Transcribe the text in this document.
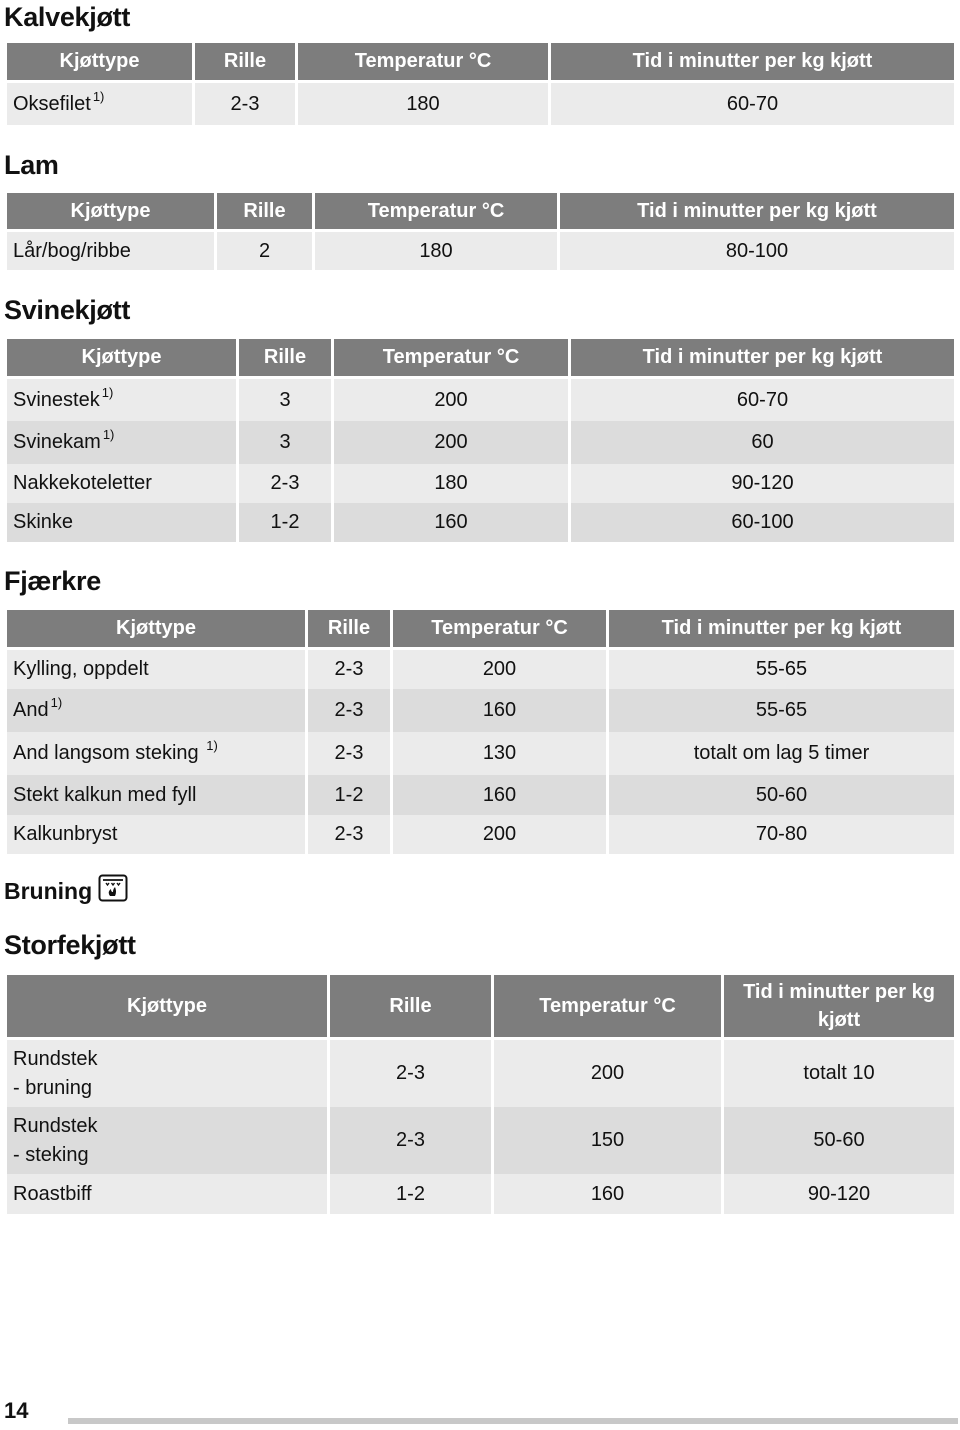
Kalvekjøtt
Kjøttype	Rille	Temperatur °C	Tid i minutter per kg kjøtt
Oksefilet $^{1)}$	2-3	180	60-70
Lam
Kjøttype	Rille	Temperatur °C	Tid i minutter per kg kjøtt
Lår/bog/ribbe	2	180	80-100
Svinekjøtt
Kjøttype	Rille	Temperatur °C	Tid i minutter per kg kjøtt
Svinestek $^{1)}$	3	200	60-70
Svinekam $^{1)}$	3	200	60
Nakkekoteletter	2-3	180	90-120
Skinke	1-2	160	60-100
Fjærkre
Kjøttype	Rille	Temperatur °C	Tid i minutter per kg kjøtt
Kylling, oppdelt	2-3	200	55-65
And $^{1)}$	2-3	160	55-65
And langsom steking $^{1)}$	2-3	130	totalt om lag 5 timer
Stekt kalkun med fyll	1-2	160	50-60
Kalkunbryst	2-3	200	70-80
Bruning
Storfekjøtt
Kjøttype	Rille	Temperatur °C	Tid i minutter per kg kjøtt
Rundstek
- bruning	2-3	200	totalt 10
Rundstek
- steking	2-3	150	50-60
Roastbiff	1-2	160	90-120
14
